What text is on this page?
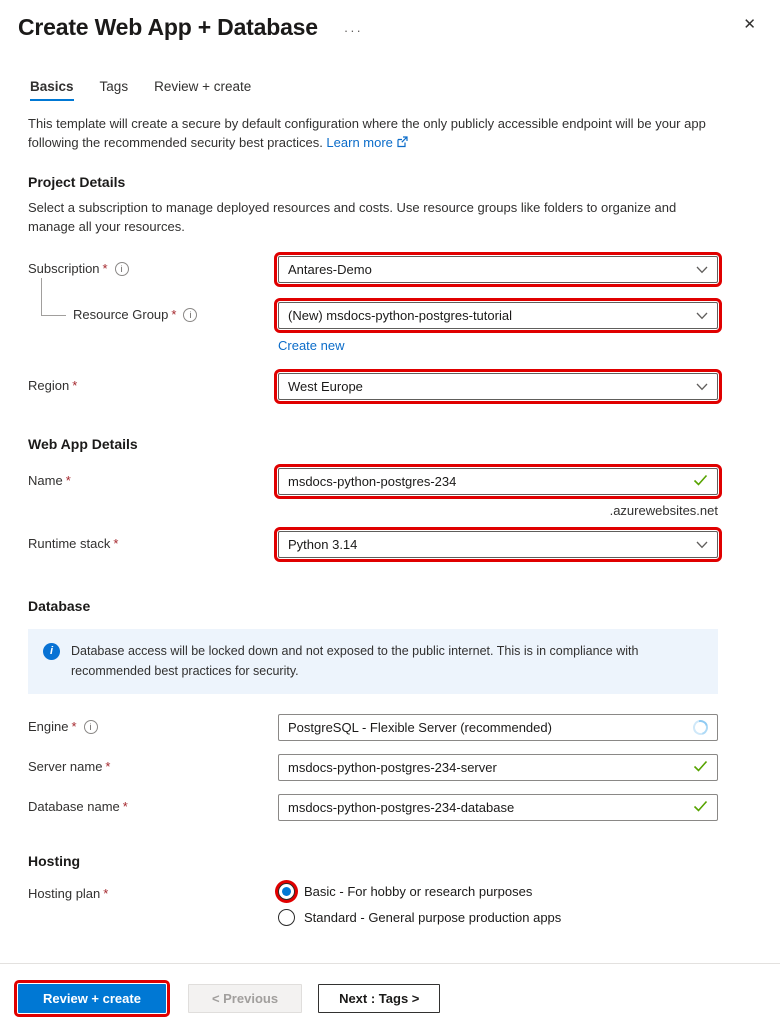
Create Web App + Database ···	✕
Basics Tags Review + create
This template will create a secure by default configuration where the only publicly accessible endpoint will be your app following the recommended security best practices. Learn more
Project Details
Select a subscription to manage deployed resources and costs. Use resource groups like folders to organize and manage all your resources.
Subscription *	i	Antares-Demo
Resource Group *	i	(New) msdocs-python-postgres-tutorial
Create new
Region *	West Europe
Web App Details
Name *	msdocs-python-postgres-234
.azurewebsites.net
Runtime stack *	Python 3.14
Database
i	Database access will be locked down and not exposed to the public internet. This is in compliance with recommended best practices for security.
Engine *	i	PostgreSQL - Flexible Server (recommended)
Server name *	msdocs-python-postgres-234-server
Database name *	msdocs-python-postgres-234-database
Hosting
Hosting plan *	Basic - For hobby or research purposes
Standard - General purpose production apps
Review + create	< Previous	Next : Tags >
